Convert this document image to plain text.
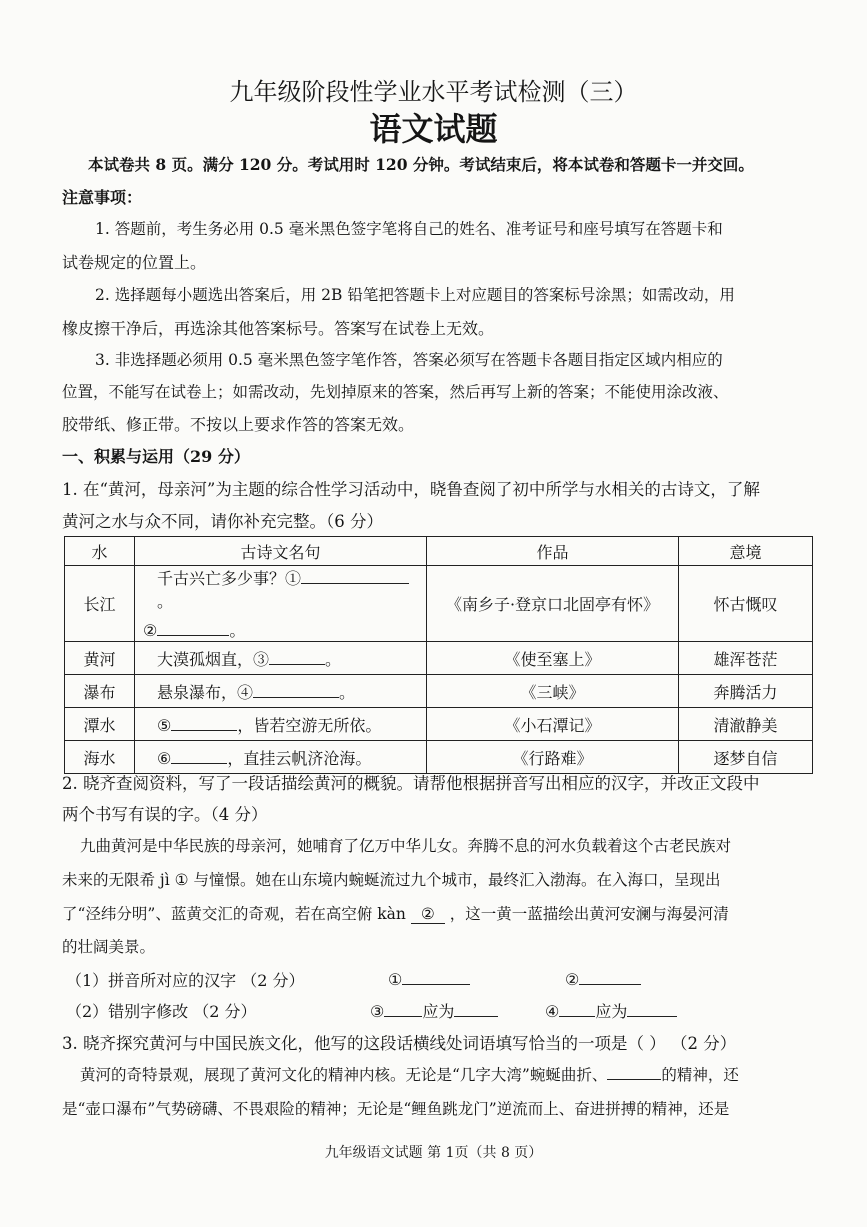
九年级阶段性学业水平考试检测（三）
语文试题
本试卷共 8 页。满分 120 分。考试用时 120 分钟。考试结束后，将本试卷和答题卡一并交回。
注意事项：
1. 答题前，考生务必用 0.5 毫米黑色签字笔将自己的姓名、准考证号和座号填写在答题卡和
试卷规定的位置上。
2. 选择题每小题选出答案后，用 2B 铅笔把答题卡上对应题目的答案标号涂黑；如需改动，用
橡皮擦干净后，再选涂其他答案标号。答案写在试卷上无效。
3. 非选择题必须用 0.5 毫米黑色签字笔作答，答案必须写在答题卡各题目指定区域内相应的
位置，不能写在试卷上；如需改动，先划掉原来的答案，然后再写上新的答案；不能使用涂改液、
胶带纸、修正带。不按以上要求作答的答案无效。
一、积累与运用（29 分）
1. 在“黄河，母亲河”为主题的综合性学习活动中，晓鲁查阅了初中所学与水相关的古诗文，了解
黄河之水与众不同，请你补充完整。（6 分）
水	古诗文名句	作品	意境
长江	千古兴亡多少事？①。
② 。	《南乡子·登京口北固亭有怀》	怀古慨叹
黄河	大漠孤烟直，③ 。	《使至塞上》	雄浑苍茫
瀑布	悬泉瀑布，④ 。	《三峡》	奔腾活力
潭水	⑤ ，皆若空游无所依。	《小石潭记》	清澈静美
海水	⑥ ，直挂云帆济沧海。	《行路难》	逐梦自信
2. 晓齐查阅资料，写了一段话描绘黄河的概貌。请帮他根据拼音写出相应的汉字，并改正文段中
两个书写有误的字。（4 分）
九曲黄河是中华民族的母亲河，她哺育了亿万中华儿女。奔腾不息的河水负载着这个古老民族对
未来的无限希 jì ① 与憧憬。她在山东境内蜿蜒流过九个城市，最终汇入渤海。在入海口，呈现出
了“泾纬分明”、蓝黄交汇的奇观，若在高空俯 kàn ② ，这一黄一蓝描绘出黄河安澜与海晏河清
的壮阔美景。
（1）拼音所对应的汉字 （2 分）	①	②
（2）错别字修改 （2 分）	③ 应为	④ 应为
3. 晓齐探究黄河与中国民族文化，他写的这段话横线处词语填写恰当的一项是（ ） （2 分）
黄河的奇特景观，展现了黄河文化的精神内核。无论是“几字大湾”蜿蜒曲折、	的精神，还
是“壶口瀑布”气势磅礴、不畏艰险的精神；无论是“鲤鱼跳龙门”逆流而上、奋进拼搏的精神，还是
九年级语文试题 第 1页（共 8 页）
